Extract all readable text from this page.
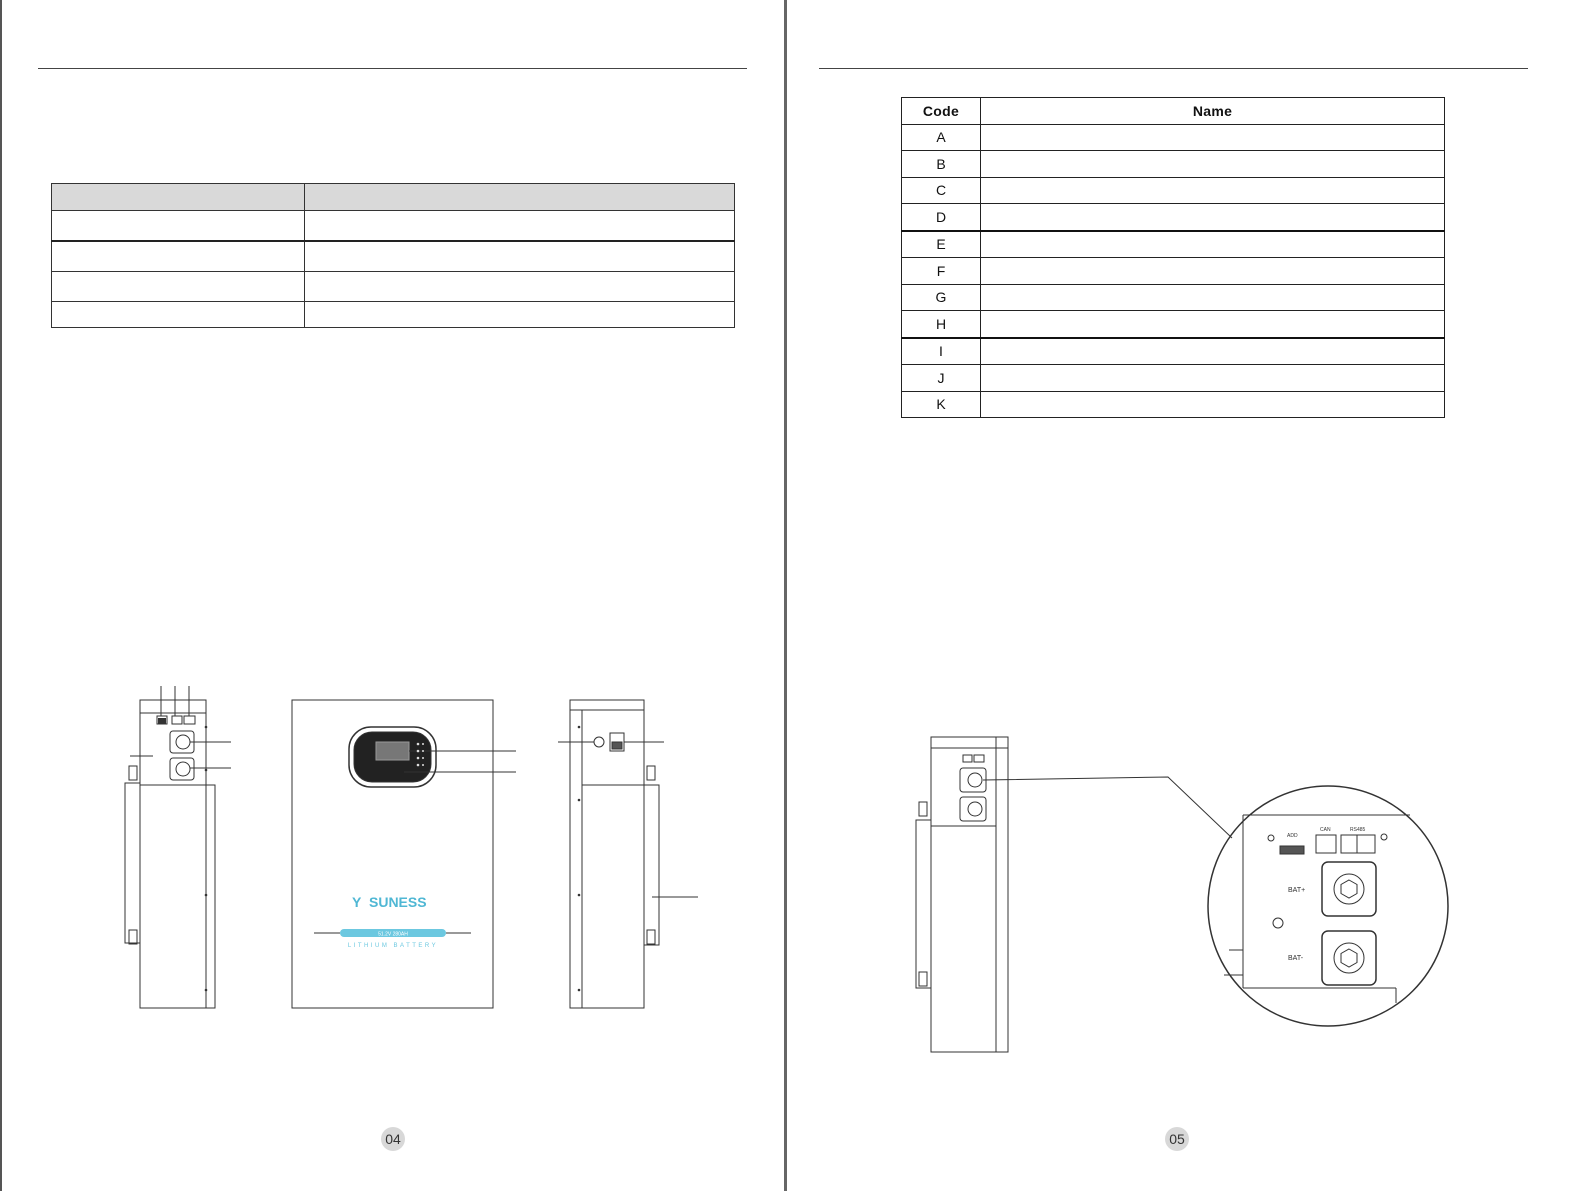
Code	Name
A	
B	
C	
D	
E	
F	
G	
H	
I	
J	
K	
SUNESS
Y
51.2V 280AH
LITHIUM BATTERY
ADD
CAN	RS485
BAT+
BAT-
04	05
